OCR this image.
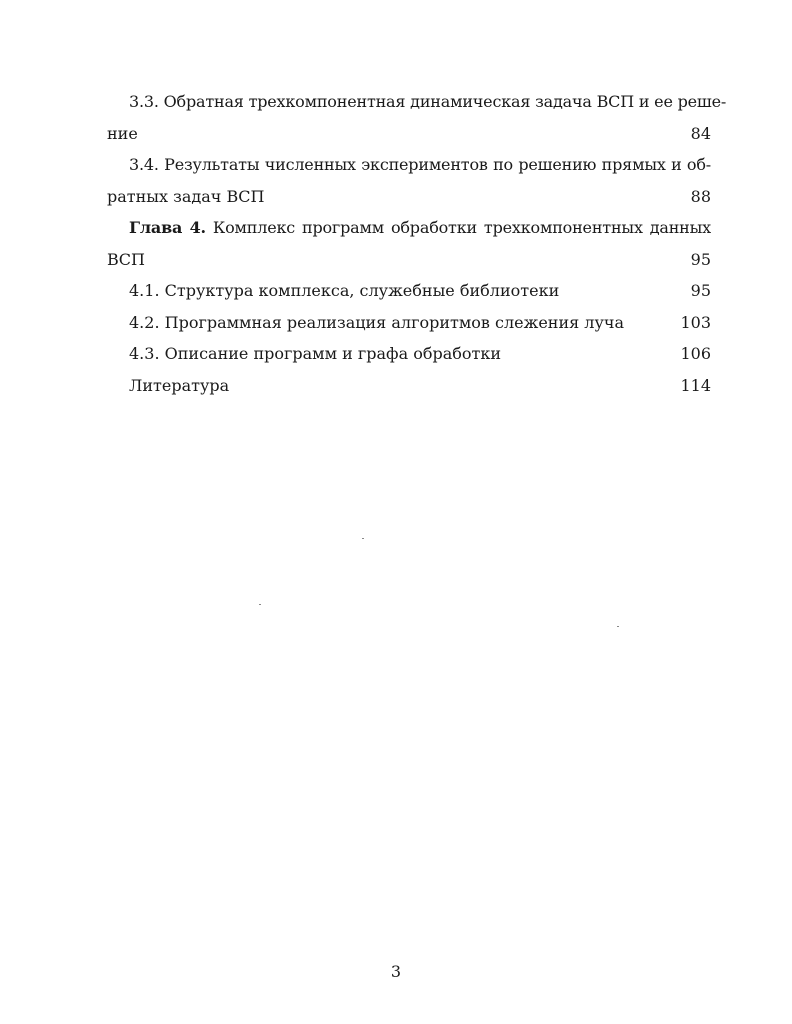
3.3. Обратная трехкомпонентная динамическая задача ВСП и ее реше-
ние	84
3.4. Результаты численных экспериментов по решению прямых и об-
ратных задач ВСП	88
Глава 4. Комплекс программ обработки трехкомпонентных данных
ВСП	95
4.1. Структура комплекса, служебные библиотеки	95
4.2. Программная реализация алгоритмов слежения луча	103
4.3. Описание программ и графа обработки	106
Литература	114
3
